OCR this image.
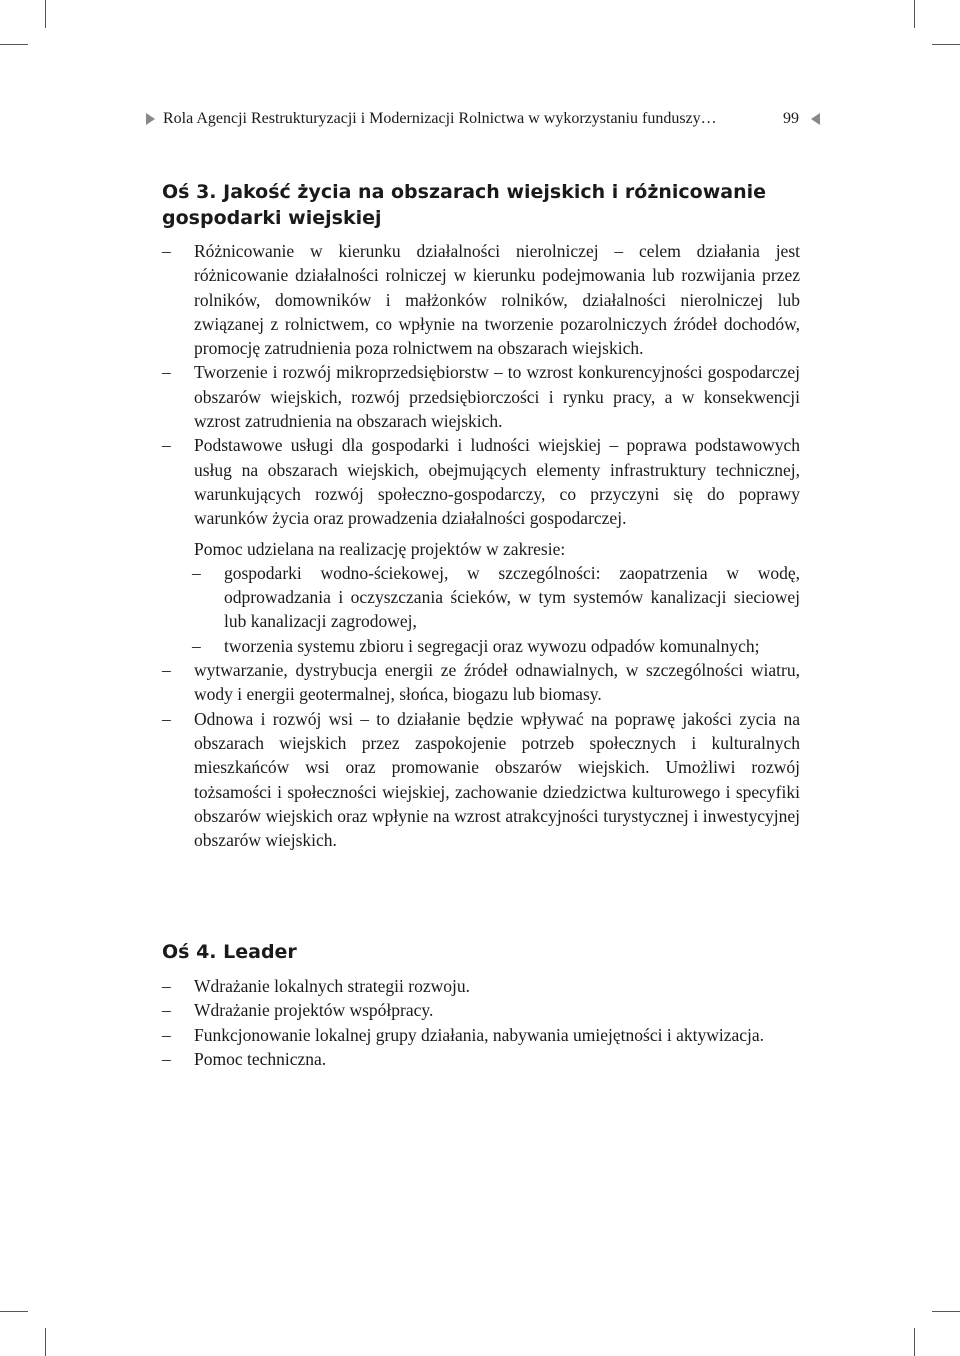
Rola Agencji Restrukturyzacji i Modernizacji Rolnictwa w wykorzystaniu funduszy…	99
Oś 3. Jakość życia na obszarach wiejskich i różnicowanie gospodarki wiejskiej
– Różnicowanie w kierunku działalności nierolniczej – celem działania jest różnicowanie działalności rolniczej w kierunku podejmowania lub rozwijania przez rolników, domowników i małżonków rolników, działalności nierolniczej lub związanej z rolnictwem, co wpłynie na tworzenie pozarolniczych źródeł dochodów, promocję zatrudnienia poza rolnictwem na obszarach wiejskich.
– Tworzenie i rozwój mikroprzedsiębiorstw – to wzrost konkurencyjności gospodarczej obszarów wiejskich, rozwój przedsiębiorczości i rynku pracy, a w konsekwencji wzrost zatrudnienia na obszarach wiejskich.
– Podstawowe usługi dla gospodarki i ludności wiejskiej – poprawa podstawowych usług na obszarach wiejskich, obejmujących elementy infrastruktury technicznej, warunkujących rozwój społeczno-gospodarczy, co przyczyni się do poprawy warunków życia oraz prowadzenia działalności gospodarczej.
Pomoc udzielana na realizację projektów w zakresie:
– gospodarki wodno-ściekowej, w szczególności: zaopatrzenia w wodę, odprowadzania i oczyszczania ścieków, w tym systemów kanalizacji sieciowej lub kanalizacji zagrodowej,
– tworzenia systemu zbioru i segregacji oraz wywozu odpadów komunalnych;
– wytwarzanie, dystrybucja energii ze źródeł odnawialnych, w szczególności wiatru, wody i energii geotermalnej, słońca, biogazu lub biomasy.
– Odnowa i rozwój wsi – to działanie będzie wpływać na poprawę jakości zycia na obszarach wiejskich przez zaspokojenie potrzeb społecznych i kulturalnych mieszkańców wsi oraz promowanie obszarów wiejskich. Umożliwi rozwój tożsamości i społeczności wiejskiej, zachowanie dziedzictwa kulturowego i specyfiki obszarów wiejskich oraz wpłynie na wzrost atrakcyjności turystycznej i inwestycyjnej obszarów wiejskich.
Oś 4. Leader
– Wdrażanie lokalnych strategii rozwoju.
– Wdrażanie projektów współpracy.
– Funkcjonowanie lokalnej grupy działania, nabywania umiejętności i aktywizacja.
– Pomoc techniczna.
